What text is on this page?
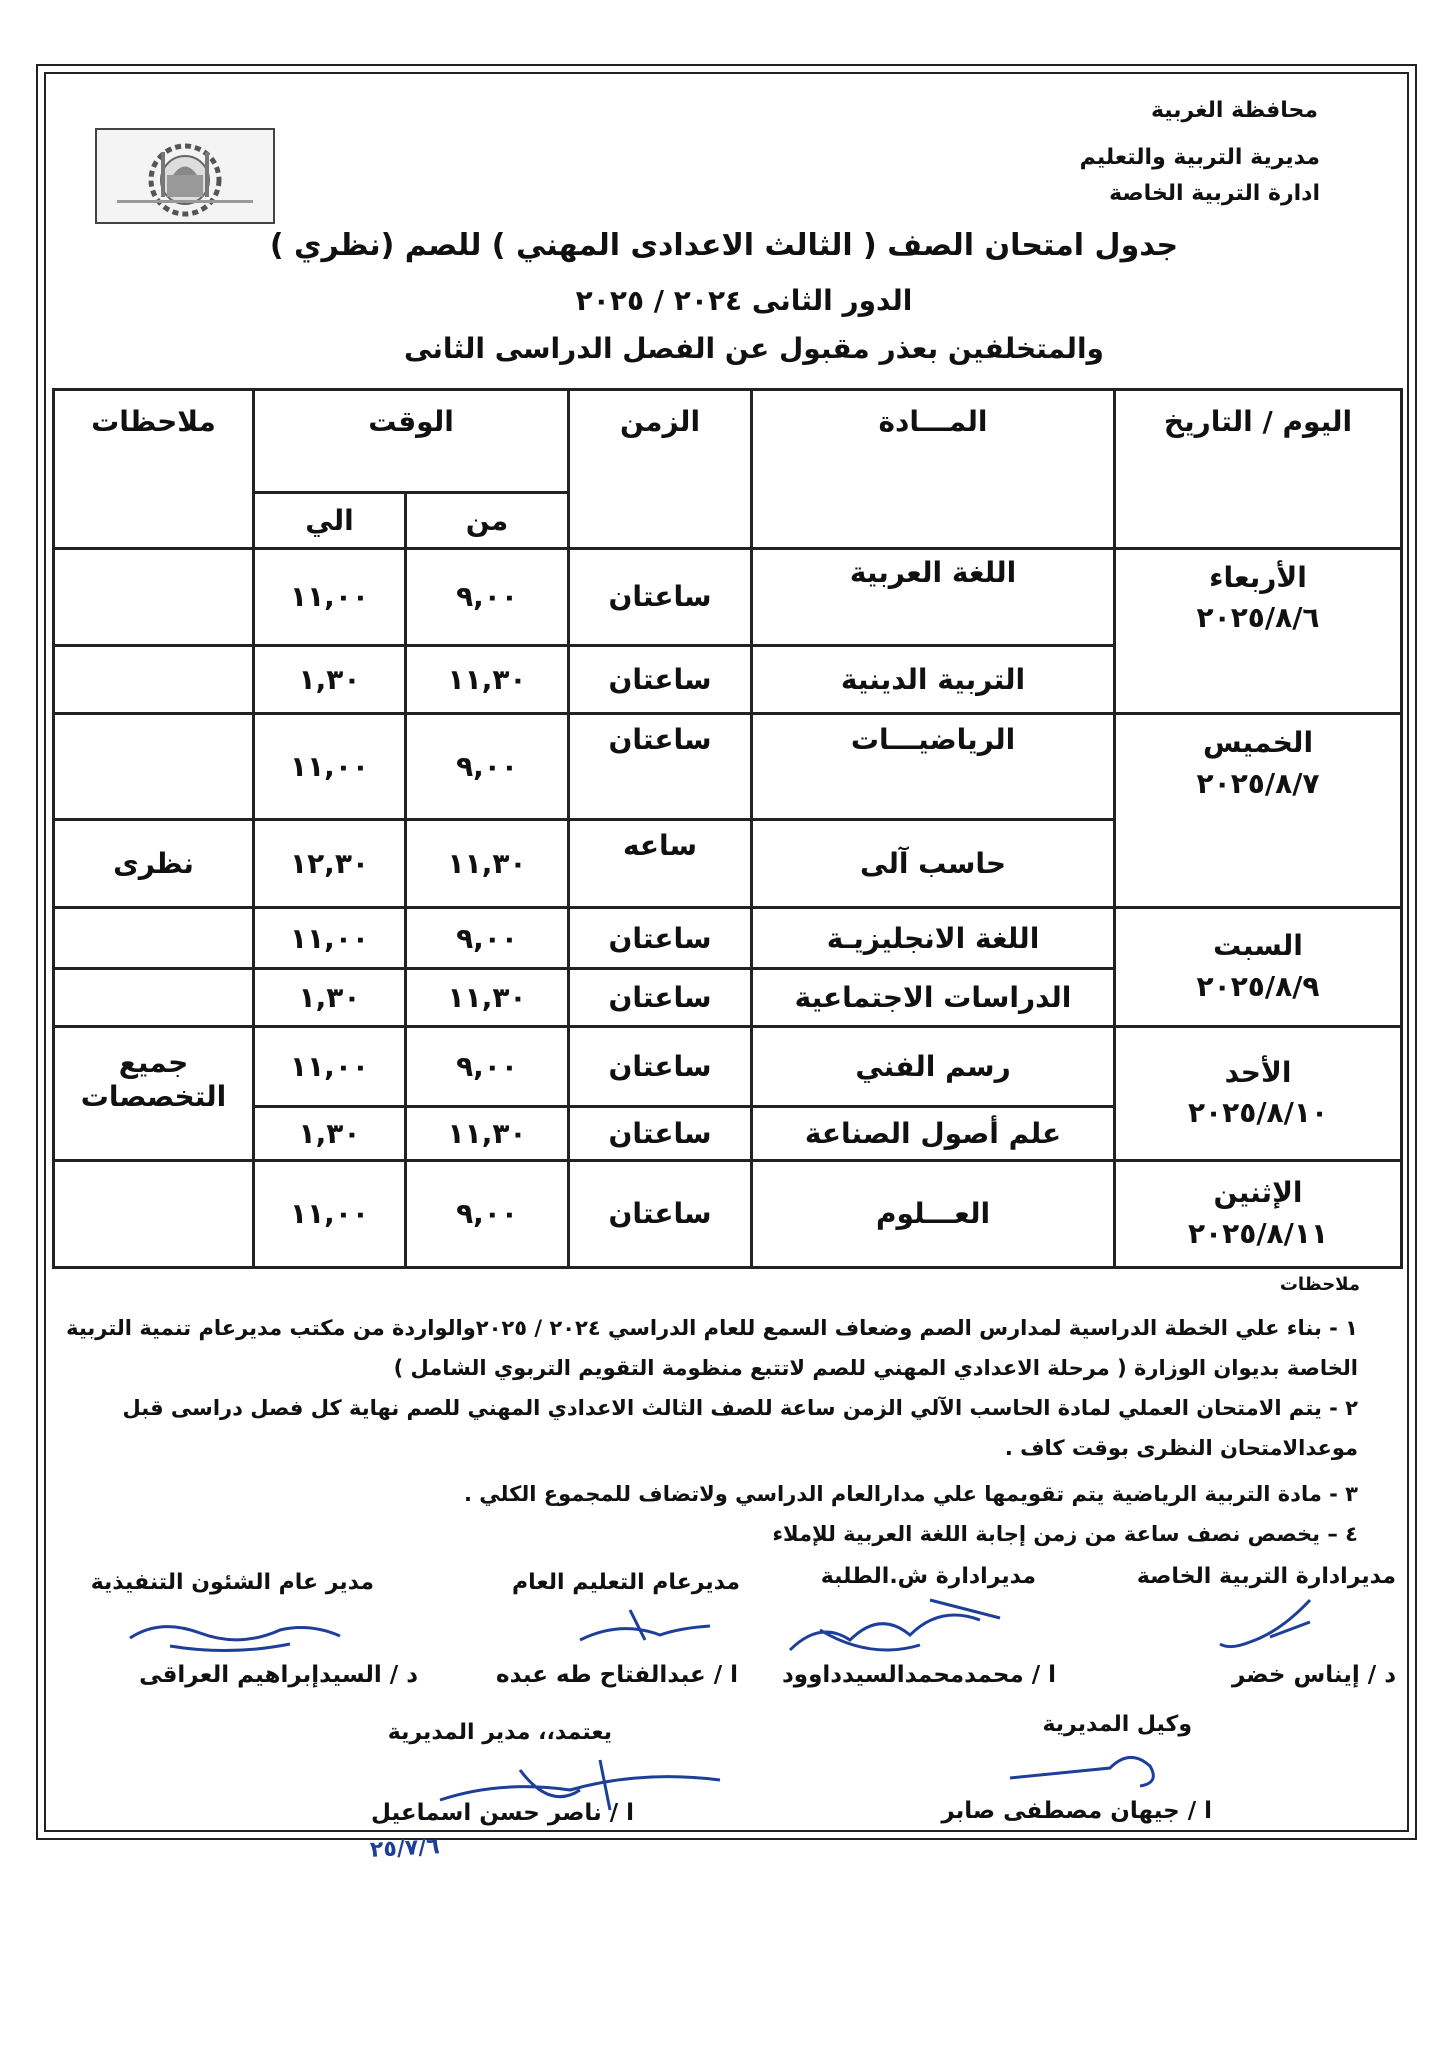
محافظة الغربية
مديرية التربية والتعليم
ادارة التربية الخاصة
جدول امتحان الصف ( الثالث الاعدادى المهني ) للصم (نظري )
الدور الثانى ٢٠٢٤ / ٢٠٢٥
والمتخلفين بعذر مقبول عن الفصل الدراسى الثانى
اليوم / التاريخ	المـــادة	الزمن	الوقت		ملاحظات
			من	الي	

الأربعاء
٢٠٢٥/٨/٦	اللغة العربية	ساعتان	٩,٠٠	١١,٠٠	
	التربية الدينية	ساعتان	١١,٣٠	١,٣٠	

الخميس
٢٠٢٥/٨/٧	الرياضيـــات	ساعتان	٩,٠٠	١١,٠٠	
	حاسب آلى	ساعه	١١,٣٠	١٢,٣٠	نظرى

السبت
٢٠٢٥/٨/٩	اللغة الانجليزيـة	ساعتان	٩,٠٠	١١,٠٠	
	الدراسات الاجتماعية	ساعتان	١١,٣٠	١,٣٠	

الأحد
٢٠٢٥/٨/١٠	رسم الفني	ساعتان	٩,٠٠	١١,٠٠	جميع التخصصات
	علم أصول الصناعة	ساعتان	١١,٣٠	١,٣٠	

الإثنين
٢٠٢٥/٨/١١	العـــلوم	ساعتان	٩,٠٠	١١,٠٠	
ملاحظات
١ - بناء علي الخطة الدراسية لمدارس الصم وضعاف السمع للعام الدراسي ٢٠٢٤ / ٢٠٢٥والواردة من مكتب مديرعام تنمية التربية
الخاصة بديوان الوزارة ( مرحلة الاعدادي المهني للصم لاتتبع منظومة التقويم التربوي الشامل )
٢ - يتم الامتحان العملي لمادة الحاسب الآلي الزمن ساعة للصف الثالث الاعدادي المهني للصم نهاية كل فصل دراسى قبل
موعدالامتحان النظرى بوقت كاف .
٣ - مادة التربية الرياضية يتم تقويمها علي مدارالعام الدراسي ولاتضاف للمجموع الكلي .
٤ – يخصص نصف ساعة من زمن إجابة اللغة العربية للإملاء
مديرادارة التربية الخاصة
مديرادارة ش.الطلبة
مديرعام التعليم العام
مدير عام الشئون التنفيذية
د / إيناس خضر
ا / محمدمحمدالسيدداوود
ا / عبدالفتاح طه عبده
د / السيدإبراهيم العراقى
وكيل المديرية
يعتمد،، مدير المديرية
ا / جيهان مصطفى صابر
ا / ناصر حسن اسماعيل
٢٥/٧/٦
